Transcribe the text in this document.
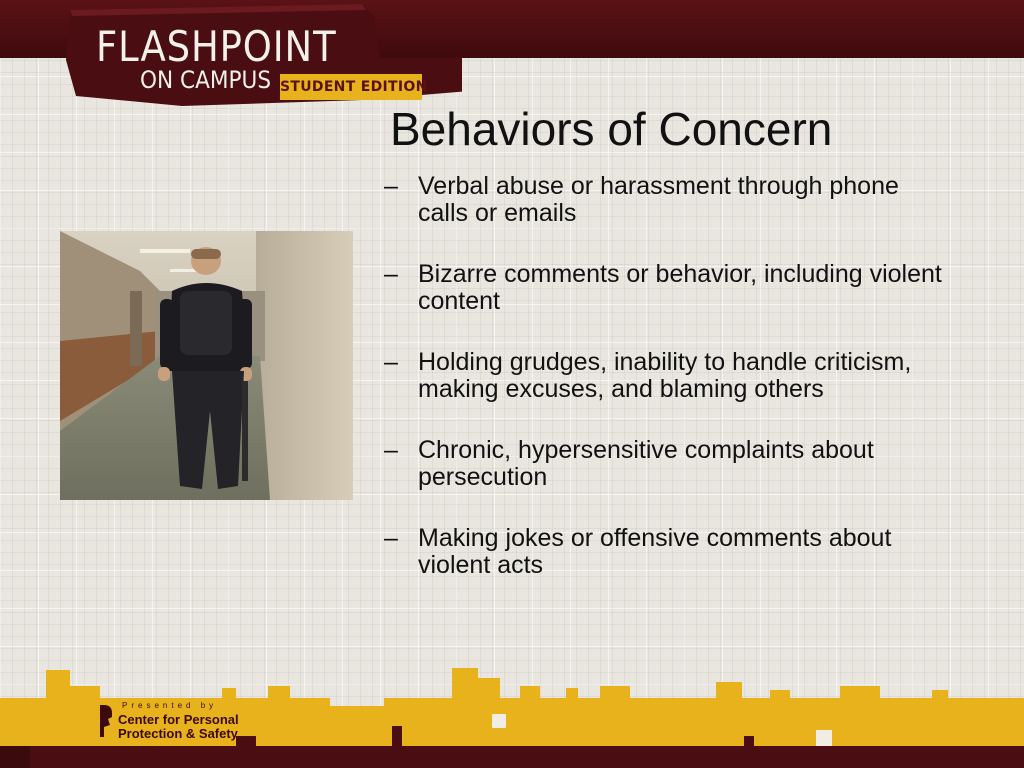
FLASHPOINT
ON CAMPUS STUDENT EDITION
Behaviors of Concern
– Verbal abuse or harassment through phone calls or emails
– Bizarre comments or behavior, including violent content
– Holding grudges, inability to handle criticism, making excuses, and blaming others
– Chronic, hypersensitive complaints about persecution
– Making jokes or offensive comments about violent acts
Presented by
Center for Personal
Protection & Safety
